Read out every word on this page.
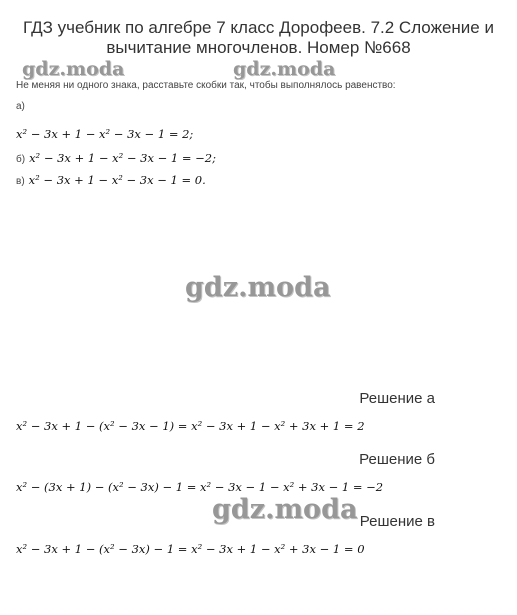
ГДЗ учебник по алгебре 7 класс Дорофеев. 7.2 Сложение и
вычитание многочленов. Номер №668
gdz.moda	gdz.moda
Не меняя ни одного знака, расставьте скобки так, чтобы выполнялось равенство:
а)
x² − 3x + 1 − x² − 3x − 1 = 2;
б) x² − 3x + 1 − x² − 3x − 1 = −2;
в) x² − 3x + 1 − x² − 3x − 1 = 0.
gdz.moda
Решение а
x² − 3x + 1 − (x² − 3x − 1) = x² − 3x + 1 − x² + 3x + 1 = 2
Решение б
x² − (3x + 1) − (x² − 3x) − 1 = x² − 3x − 1 − x² + 3x − 1 = −2
gdz.moda Решение в
x² − 3x + 1 − (x² − 3x) − 1 = x² − 3x + 1 − x² + 3x − 1 = 0
